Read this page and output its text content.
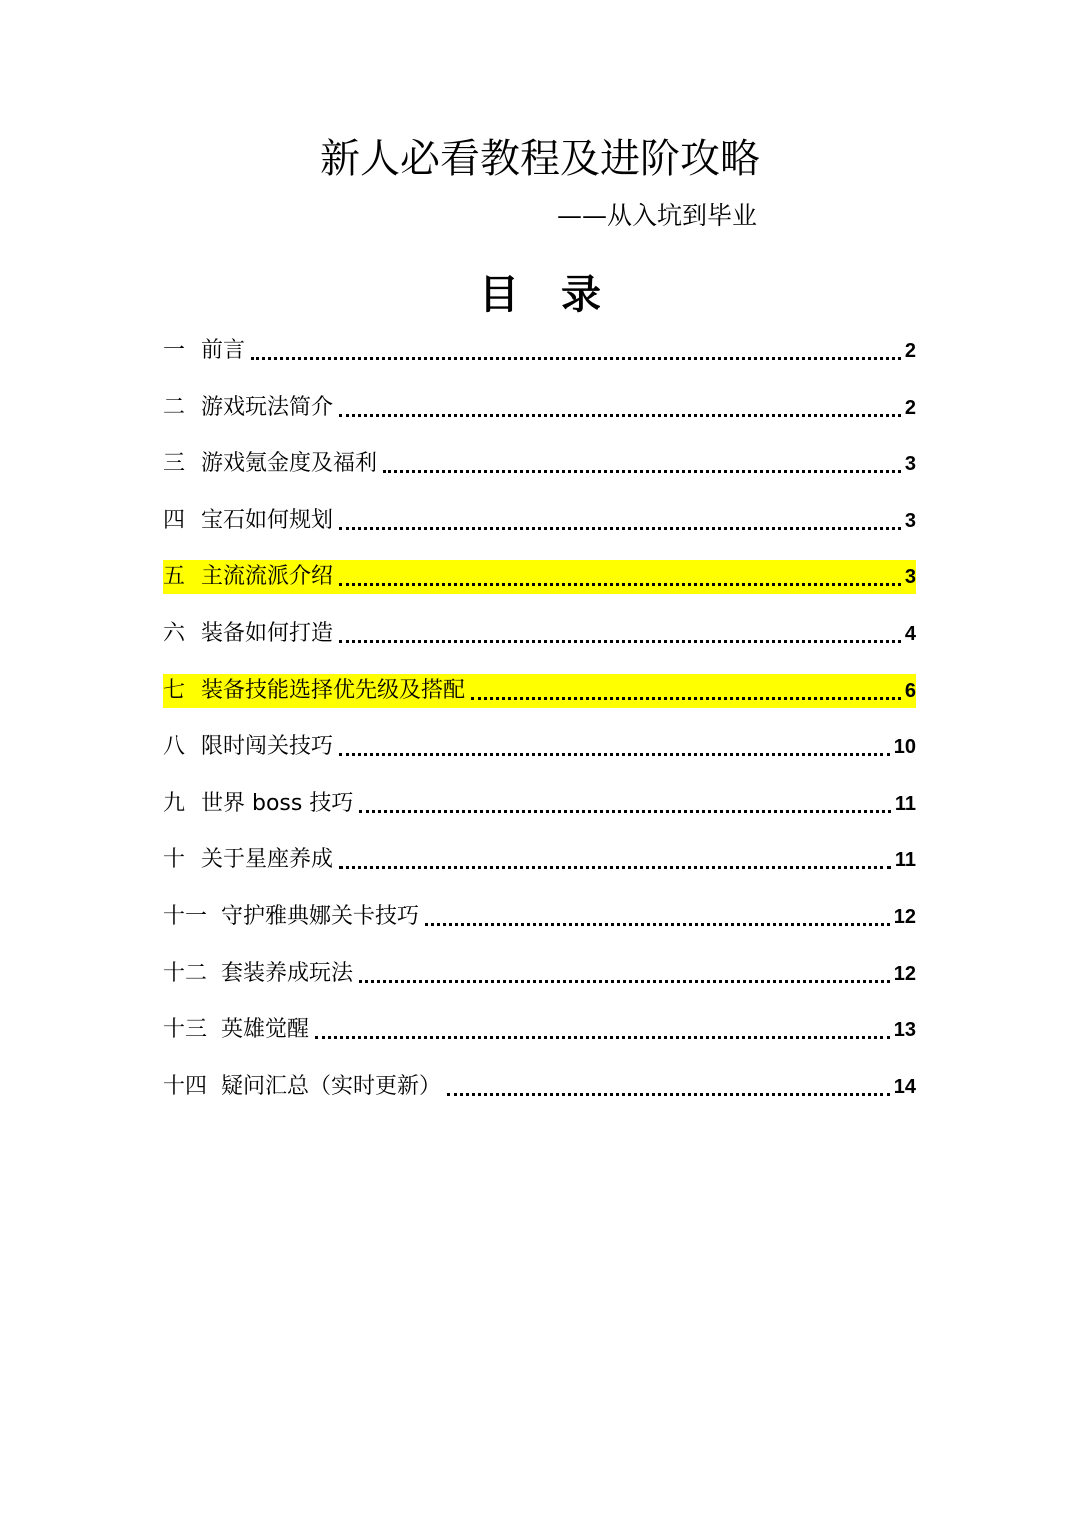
新人必看教程及进阶攻略
——从入坑到毕业
目 录
一 前言	2
二 游戏玩法简介	2
三 游戏氪金度及福利	3
四 宝石如何规划	3
五 主流流派介绍	3
六 装备如何打造	4
七 装备技能选择优先级及搭配	6
八 限时闯关技巧	10
九 世界 boss 技巧	11
十 关于星座养成	11
十一 守护雅典娜关卡技巧	12
十二 套装养成玩法	12
十三 英雄觉醒	13
十四 疑问汇总（实时更新）	14
